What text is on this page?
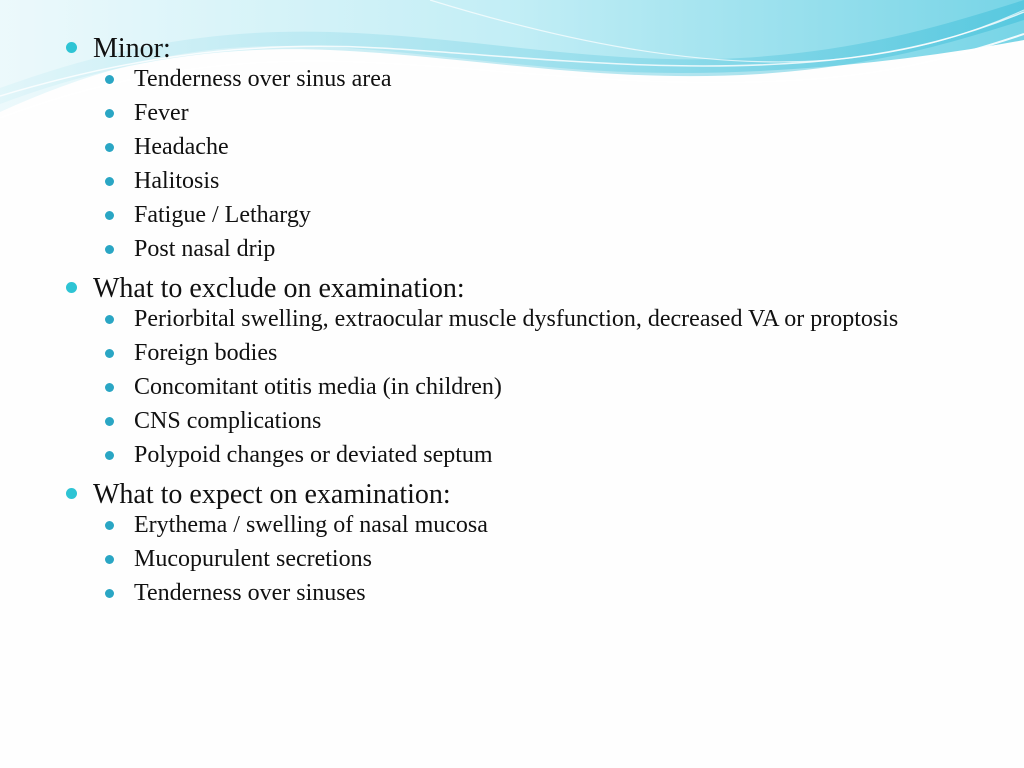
Minor:
Tenderness over sinus area
Fever
Headache
Halitosis
Fatigue / Lethargy
Post nasal drip
What to exclude on examination:
Periorbital swelling, extraocular muscle dysfunction, decreased VA or proptosis
Foreign bodies
Concomitant otitis media (in children)
CNS complications
Polypoid changes or deviated septum
What to expect on examination:
Erythema / swelling of nasal mucosa
Mucopurulent secretions
Tenderness over sinuses
